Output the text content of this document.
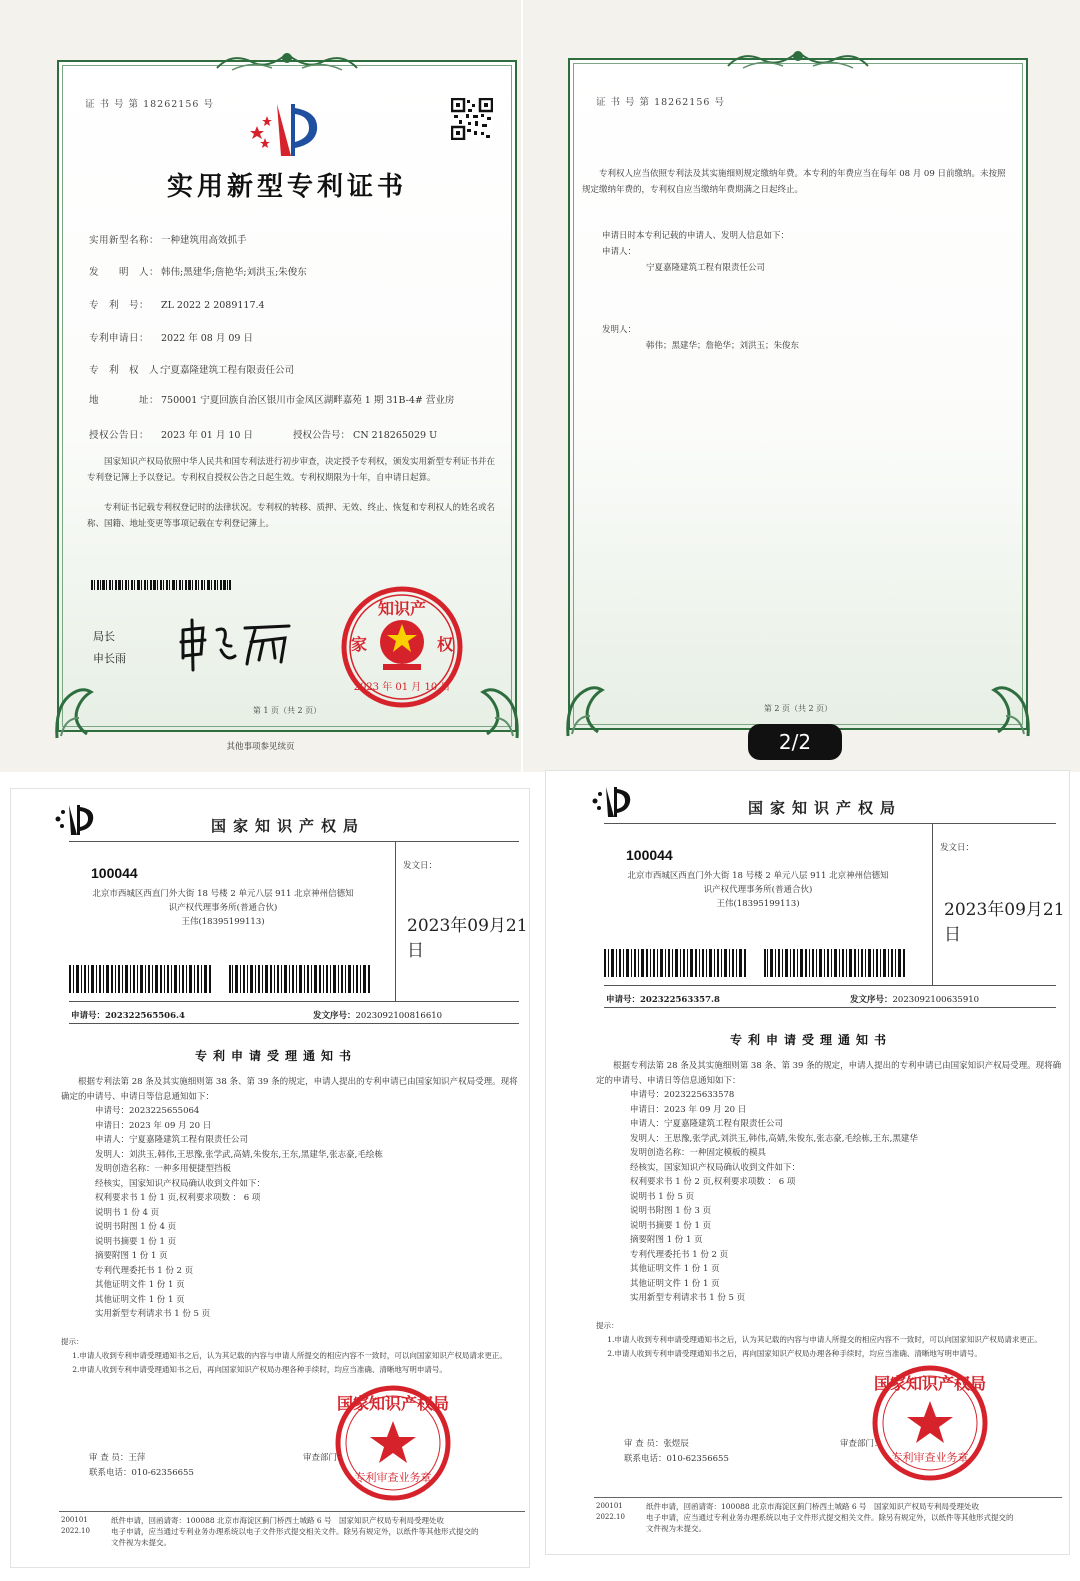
证 书 号 第 18262156 号
实用新型专利证书
实用新型名称： 一种建筑用高效抓手
发　　明　人： 韩伟;黑建华;詹艳华;刘洪玉;朱俊东
专　利　号： ZL 2022 2 2089117.4
专利申请日： 2022 年 08 月 09 日
专　利　权　人：宁夏嘉隆建筑工程有限责任公司
地　　　　址： 750001 宁夏回族自治区银川市金凤区湖畔嘉苑 1 期 31B-4# 营业房
授权公告日： 2023 年 01 月 10 日	授权公告号： CN 218265029 U
国家知识产权局依照中华人民共和国专利法进行初步审查，决定授予专利权，颁发实用新型专利证书并在专利登记簿上予以登记。专利权自授权公告之日起生效。专利权期限为十年，自申请日起算。
专利证书记载专利权登记时的法律状况。专利权的转移、质押、无效、终止、恢复和专利权人的姓名或名称、国籍、地址变更等事项记载在专利登记簿上。
局长
申长雨
知识产
家	权
2023 年 01 月 10 日
第 1 页（共 2 页）
其他事项参见续页
证 书 号 第 18262156 号
专利权人应当依照专利法及其实施细则规定缴纳年费。本专利的年费应当在每年 08 月 09 日前缴纳。未按照规定缴纳年费的，专利权自应当缴纳年费期满之日起终止。
申请日时本专利记载的申请人、发明人信息如下：
申请人：
宁夏嘉隆建筑工程有限责任公司
发明人：
韩伟；黑建华；詹艳华；刘洪玉；朱俊东
第 2 页（共 2 页）
2/2
国家知识产权局
100044
北京市西城区西直门外大街 18 号楼 2 单元八层 911 北京神州信德知
识产权代理事务所(普通合伙)
王伟(18395199113)
发文日：
2023年09月21日
申请号：202322565506.4	发文序号：2023092100816610
专利申请受理通知书
根据专利法第 28 条及其实施细则第 38 条、第 39 条的规定，申请人提出的专利申请已由国家知识产权局受理。现将确定的申请号、申请日等信息通知如下：
申请号：2023225655064
申请日：2023 年 09 月 20 日
申请人：宁夏嘉隆建筑工程有限责任公司
发明人：刘洪玉,韩伟,王思豫,张学武,高婧,朱俊东,王东,黑建华,张志豪,毛绘栋
发明创造名称：一种多用便捷型挡板
经核实，国家知识产权局确认收到文件如下：
权利要求书 1 份 1 页,权利要求项数 ： 6 项
说明书 1 份 4 页
说明书附图 1 份 4 页
说明书摘要 1 份 1 页
摘要附图 1 份 1 页
专利代理委托书 1 份 2 页
其他证明文件 1 份 1 页
其他证明文件 1 份 1 页
实用新型专利请求书 1 份 5 页
提示：
1.申请人收到专利申请受理通知书之后，认为其记载的内容与申请人所提交的相应内容不一致时，可以向国家知识产权局请求更正。
2.申请人收到专利申请受理通知书之后，再向国家知识产权局办理各种手续时，均应当准确、清晰地写明申请号。
国家知识产权局
专利审查业务章
审 查 员：王萍
联系电话：010-62356655
审查部门：
200101
2022.10
纸件申请，回函请寄：100088 北京市海淀区蓟门桥西土城路 6 号　国家知识产权局专利局受理处收
电子申请，应当通过专利业务办理系统以电子文件形式提交相关文件。除另有规定外，以纸件等其他形式提交的
文件视为未提交。
国家知识产权局
100044
北京市西城区西直门外大街 18 号楼 2 单元八层 911 北京神州信德知
识产权代理事务所(普通合伙)
王伟(18395199113)
发文日：
2023年09月21日
申请号：202322563357.8	发文序号：2023092100635910
专利申请受理通知书
根据专利法第 28 条及其实施细则第 38 条、第 39 条的规定，申请人提出的专利申请已由国家知识产权局受理。现将确定的申请号、申请日等信息通知如下：
申请号：2023225633578
申请日：2023 年 09 月 20 日
申请人：宁夏嘉隆建筑工程有限责任公司
发明人：王思豫,张学武,刘洪玉,韩伟,高婧,朱俊东,张志豪,毛绘栋,王东,黑建华
发明创造名称：一种固定模板的模具
经核实，国家知识产权局确认收到文件如下：
权利要求书 1 份 2 页,权利要求项数 ： 6 项
说明书 1 份 5 页
说明书附图 1 份 3 页
说明书摘要 1 份 1 页
摘要附图 1 份 1 页
专利代理委托书 1 份 2 页
其他证明文件 1 份 1 页
其他证明文件 1 份 1 页
实用新型专利请求书 1 份 5 页
提示：
1.申请人收到专利申请受理通知书之后，认为其记载的内容与申请人所提交的相应内容不一致时，可以向国家知识产权局请求更正。
2.申请人收到专利申请受理通知书之后，再向国家知识产权局办理各种手续时，均应当准确、清晰地写明申请号。
国家知识产权局
专利审查业务章
审 查 员：张煜辰
联系电话：010-62356655
审查部门：
200101
2022.10
纸件申请，回函请寄：100088 北京市海淀区蓟门桥西土城路 6 号　国家知识产权局专利局受理处收
电子申请，应当通过专利业务办理系统以电子文件形式提交相关文件。除另有规定外，以纸件等其他形式提交的
文件视为未提交。
